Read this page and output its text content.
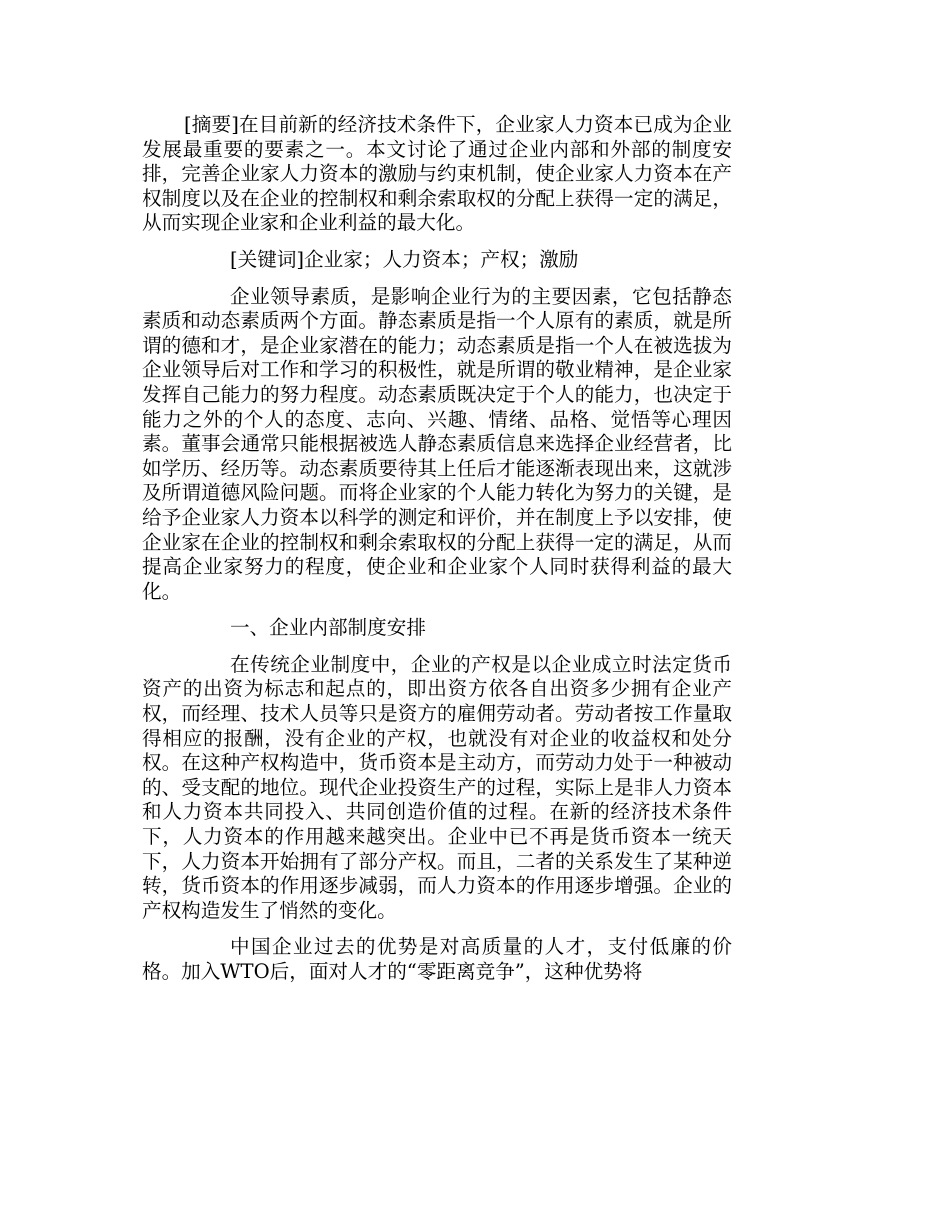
[摘要]在目前新的经济技术条件下，企业家人力资本已成为企业发展最重要的要素之一。本文讨论了通过企业内部和外部的制度安排，完善企业家人力资本的激励与约束机制，使企业家人力资本在产权制度以及在企业的控制权和剩余索取权的分配上获得一定的满足，从而实现企业家和企业利益的最大化。

[关键词]企业家；人力资本；产权；激励

企业领导素质，是影响企业行为的主要因素，它包括静态素质和动态素质两个方面。静态素质是指一个人原有的素质，就是所谓的德和才，是企业家潜在的能力；动态素质是指一个人在被选拔为企业领导后对工作和学习的积极性，就是所谓的敬业精神，是企业家发挥自己能力的努力程度。动态素质既决定于个人的能力，也决定于能力之外的个人的态度、志向、兴趣、情绪、品格、觉悟等心理因素。董事会通常只能根据被选人静态素质信息来选择企业经营者，比如学历、经历等。动态素质要待其上任后才能逐渐表现出来，这就涉及所谓道德风险问题。而将企业家的个人能力转化为努力的关键，是给予企业家人力资本以科学的测定和评价，并在制度上予以安排，使企业家在企业的控制权和剩余索取权的分配上获得一定的满足，从而提高企业家努力的程度，使企业和企业家个人同时获得利益的最大化。

一、企业内部制度安排

在传统企业制度中，企业的产权是以企业成立时法定货币资产的出资为标志和起点的，即出资方依各自出资多少拥有企业产权，而经理、技术人员等只是资方的雇佣劳动者。劳动者按工作量取得相应的报酬，没有企业的产权，也就没有对企业的收益权和处分权。在这种产权构造中，货币资本是主动方，而劳动力处于一种被动的、受支配的地位。现代企业投资生产的过程，实际上是非人力资本和人力资本共同投入、共同创造价值的过程。在新的经济技术条件下，人力资本的作用越来越突出。企业中已不再是货币资本一统天下，人力资本开始拥有了部分产权。而且，二者的关系发生了某种逆转，货币资本的作用逐步减弱，而人力资本的作用逐步增强。企业的产权构造发生了悄然的变化。

中国企业过去的优势是对高质量的人才，支付低廉的价格。加入WTO后，面对人才的“零距离竞争”，这种优势将
